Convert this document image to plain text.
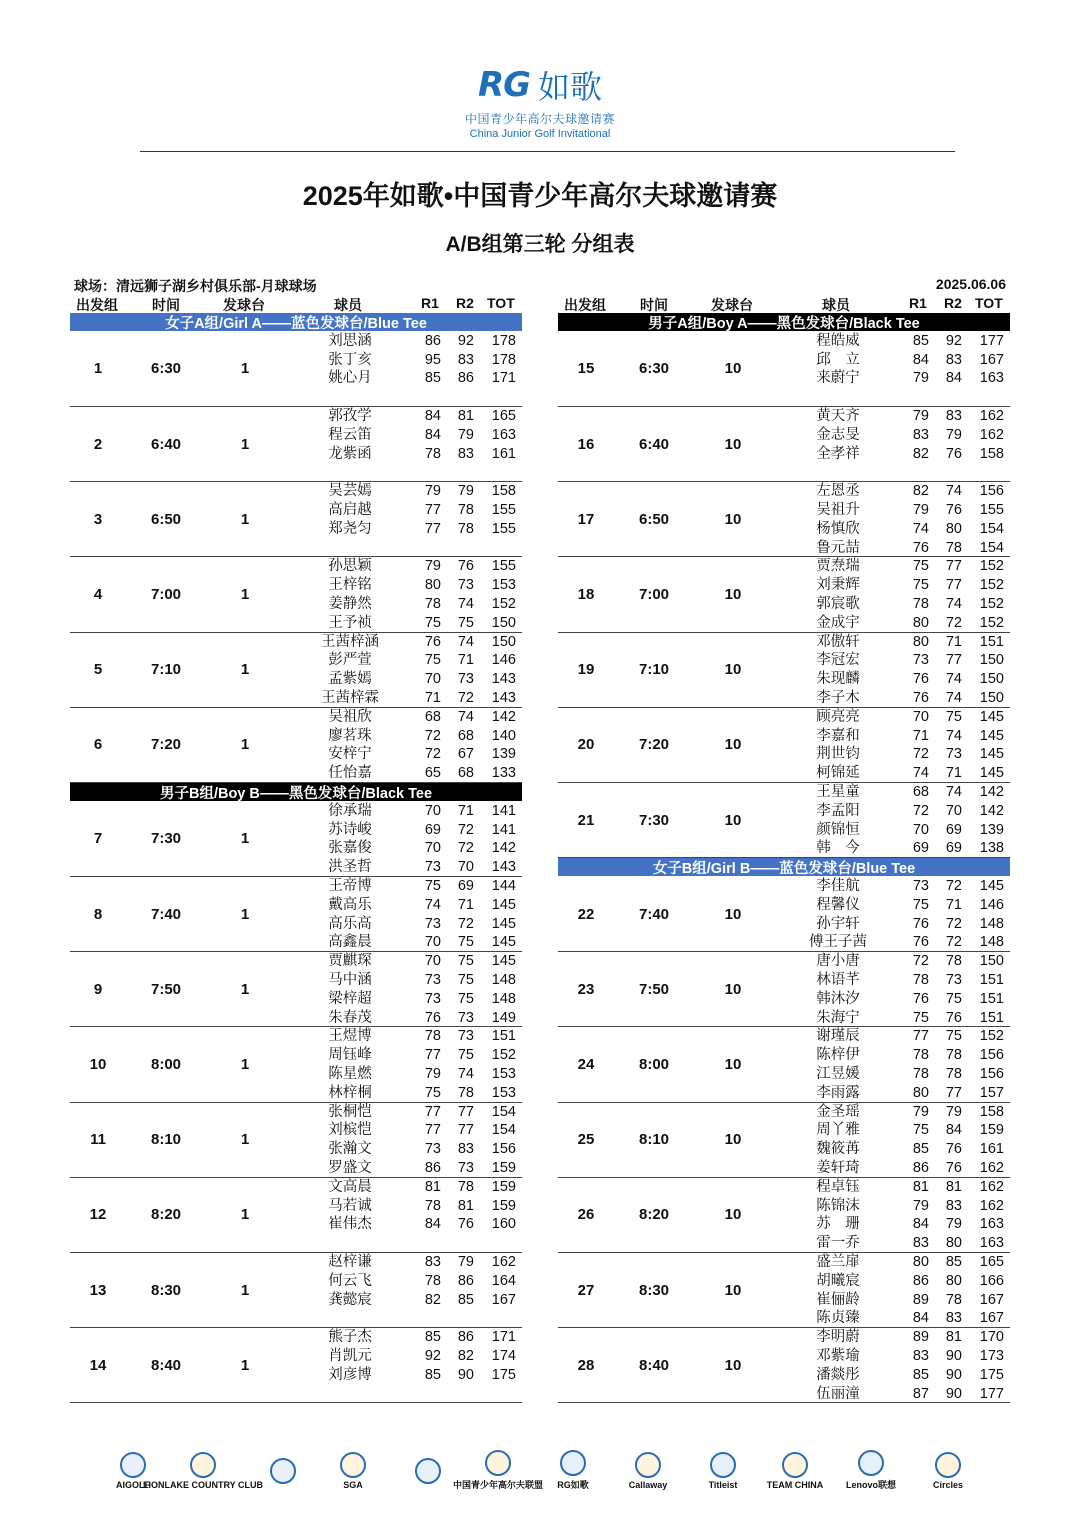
RG 如歌
中国青少年高尔夫球邀请赛
China Junior Golf Invitational
2025年如歌•中国青少年高尔夫球邀请赛
A/B组第三轮 分组表
球场：清远狮子湖乡村俱乐部-月球球场	2025.06.06
出发组 时间	发球台	球员	R1 R2 TOT
女子A组/Girl A——蓝色发球台/Blue Tee
男子B组/Boy B——黑色发球台/Black Tee
1	6:30	1
刘思涵	86	92	178
张丁亥	95	83	178
姚心月	85	86	171
2	6:40	1
郭孜学	84	81	165
程云笛	84	79	163
龙紫函	78	83	161
3	6:50	1
吴芸嫣	79	79	158
高启越	77	78	155
郑尧匀	77	78	155
4	7:00	1
孙思颖	79	76	155
王梓铭	80	73	153
姜静然	78	74	152
王予祯	75	75	150
5	7:10	1
王茜梓涵	76	74	150
彭严萱	75	71	146
孟紫嫣	70	73	143
王茜梓霖	71	72	143
6	7:20	1
吴祖欣	68	74	142
廖茗珠	72	68	140
安梓宁	72	67	139
任怡嘉	65	68	133
7	7:30	1
徐承瑞	70	71	141
苏诗峻	69	72	141
张嘉俊	70	72	142
洪圣哲	73	70	143
8	7:40	1
王帝博	75	69	144
戴高乐	74	71	145
高乐高	73	72	145
高鑫晨	70	75	145
9	7:50	1
贾麒琛	70	75	145
马中涵	73	75	148
梁梓超	73	75	148
朱春茂	76	73	149
10	8:00	1
王煜博	78	73	151
周钰峰	77	75	152
陈星燃	79	74	153
林梓桐	75	78	153
11	8:10	1
张桐恺	77	77	154
刘槟恺	77	77	154
张瀚文	73	83	156
罗盛文	86	73	159
12	8:20	1
文高晨	81	78	159
马若诚	78	81	159
崔伟杰	84	76	160
13	8:30	1
赵梓谦	83	79	162
何云飞	78	86	164
龚懿宸	82	85	167
14	8:40	1
熊子杰	85	86	171
肖凯元	92	82	174
刘彦博	85	90	175
出发组 时间	发球台	球员	R1 R2 TOT
男子A组/Boy A——黑色发球台/Black Tee
女子B组/Girl B——蓝色发球台/Blue Tee
15	6:30	10
程皓威	85	92	177
邱　立	84	83	167
来蔚宁	79	84	163
16	6:40	10
黄天齐	79	83	162
金志旻	83	79	162
全孝祥	82	76	158
17	6:50	10
左恩丞	82	74	156
吴祖升	79	76	155
杨慎欣	74	80	154
鲁元喆	76	78	154
18	7:00	10
贾焘瑞	75	77	152
刘秉辉	75	77	152
郭宸歌	78	74	152
金成宇	80	72	152
19	7:10	10
邓傲轩	80	71	151
李冠宏	73	77	150
朱现麟	76	74	150
李子木	76	74	150
20	7:20	10
顾亮亮	70	75	145
李嘉和	71	74	145
荆世钧	72	73	145
柯锦延	74	71	145
21	7:30	10
王星童	68	74	142
李孟阳	72	70	142
颜锦恒	70	69	139
韩　今	69	69	138
22	7:40	10
李佳航	73	72	145
程馨仪	75	71	146
孙宇轩	76	72	148
傅王子茜	76	72	148
23	7:50	10
唐小唐	72	78	150
林语芊	78	73	151
韩沐汐	76	75	151
朱海宁	75	76	151
24	8:00	10
谢瑾辰	77	75	152
陈梓伊	78	78	156
江昱媛	78	78	156
李雨露	80	77	157
25	8:10	10
金圣瑶	79	79	158
周丫雅	75	84	159
魏筱苒	85	76	161
姜轩琦	86	76	162
26	8:20	10
程卓钰	81	81	162
陈锦沫	79	83	162
苏　珊	84	79	163
雷一乔	83	80	163
27	8:30	10
盛兰扉	80	85	165
胡曦宸	86	80	166
崔俪龄	89	78	167
陈贞臻	84	83	167
28	8:40	10
李明蔚	89	81	170
邓紫瑜	83	90	173
潘燚彤	85	90	175
伍丽潼	87	90	177
AIGOLF
LIONLAKE COUNTRY CLUB	SGA	中国青少年高尔夫联盟 RG如歌	Callaway	Titleist	TEAM CHINA	Lenovo联想	Circles
